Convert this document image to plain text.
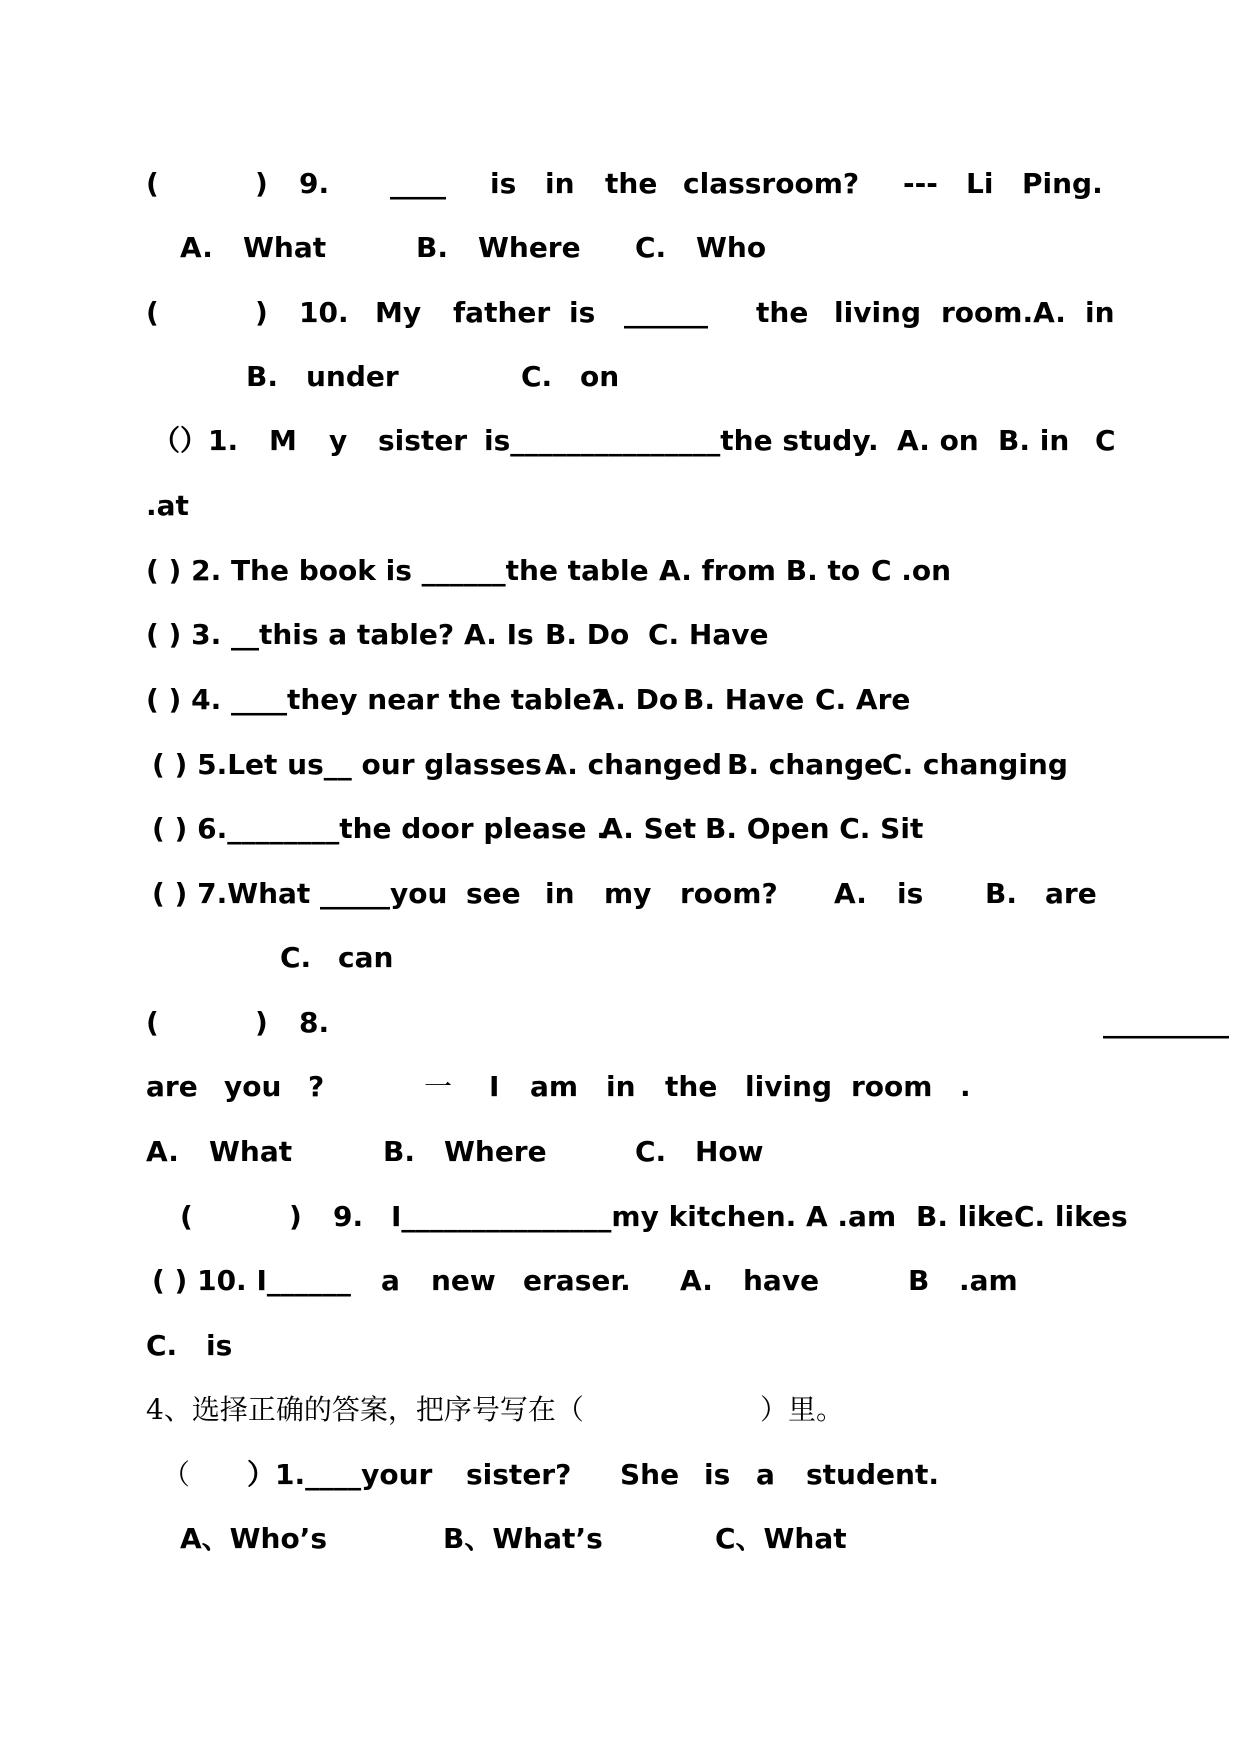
(	) 9. ____ is in the classroom? --- Li Ping.
A. What	B. Where C. Who
(	) 10. My father is ______ the living room.A. in
B. under	C. on
（）1. M y sister is_______________the study. A. on B. in C
.at
( ) 2. The book is ______the table .
A. from B. to C .on
( ) 3. __this a table? A. Is B. Do C. Have
( ) 4. ____they near the table?
A. Do B. Have C. Are
( ) 5.Let us__ our glasses .
A. changed B. change
C. changing
( ) 6.________the door please .
A. Set B. Open C. Sit
( ) 7.What _____you see in my room? A. is B. are
C. can
(	) 8.	_________
are you ?	一 I am in the living room .
A. What	B. Where	C. How
(	) 9. I_______________my kitchen. A .am B. like C. likes
( ) 10. I______ a new eraser. A. have	B .am
C. is
4、选择正确的答案，把序号写在（	）里。
（ ）1.____your sister? She is a student.
A、Who’s	B、What’s	C、What
